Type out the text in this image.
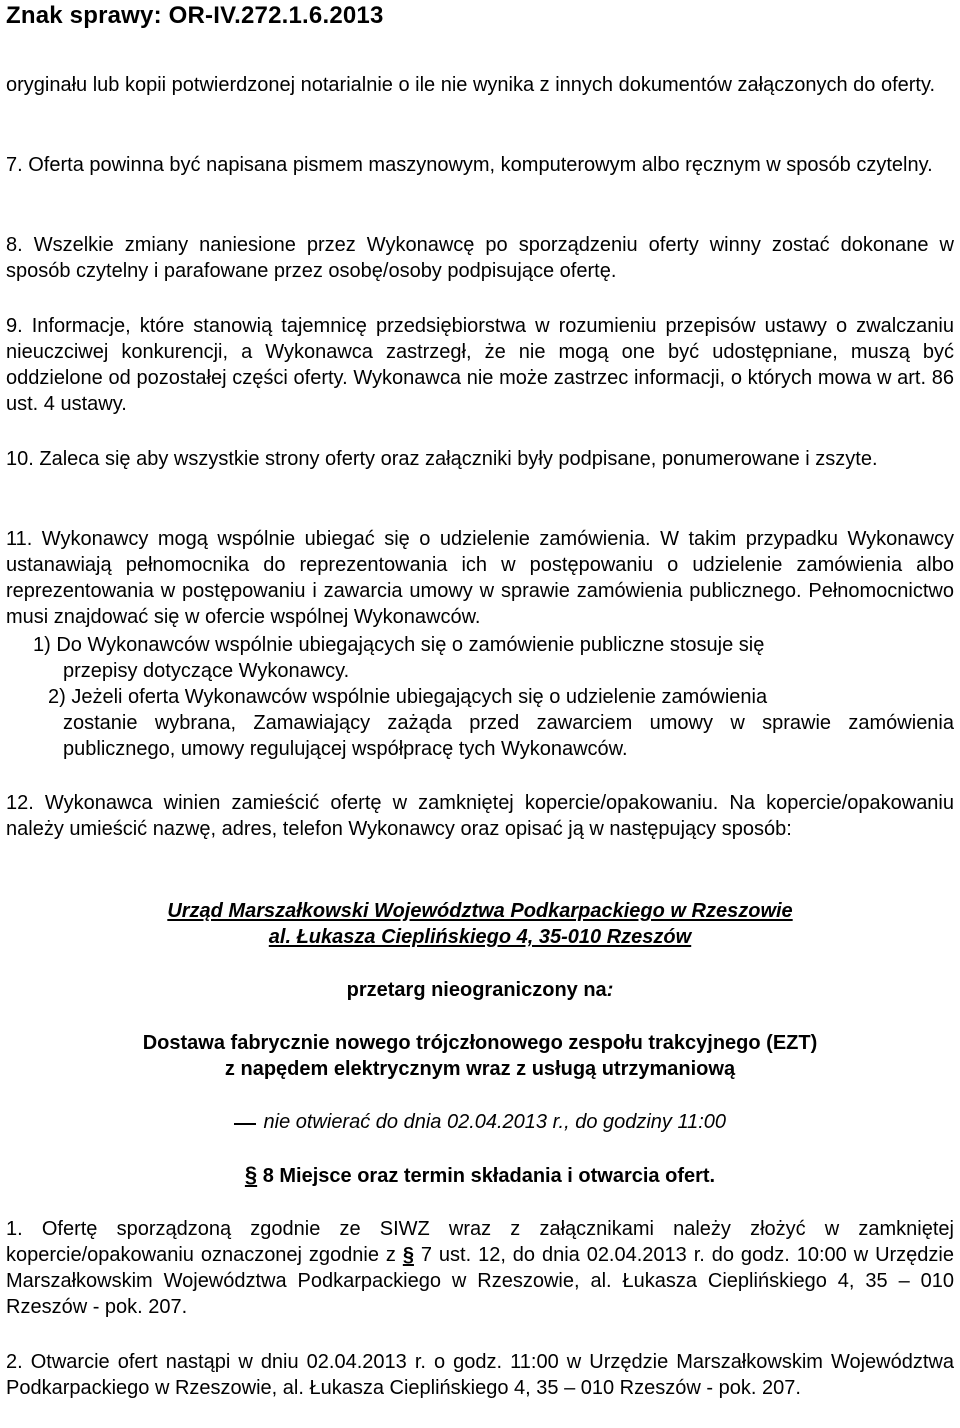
Znak sprawy: OR-IV.272.1.6.2013
oryginału lub kopii potwierdzonej notarialnie o ile nie wynika z innych dokumentów załączonych do oferty.
7. Oferta powinna być napisana pismem maszynowym, komputerowym albo ręcznym w sposób czytelny.
8. Wszelkie zmiany naniesione przez Wykonawcę po sporządzeniu oferty winny zostać dokonane w sposób czytelny i parafowane przez osobę/osoby podpisujące ofertę.
9. Informacje, które stanowią tajemnicę przedsiębiorstwa w rozumieniu przepisów ustawy o zwalczaniu nieuczciwej konkurencji, a Wykonawca zastrzegł, że nie mogą one być udostępniane, muszą być oddzielone od pozostałej części oferty. Wykonawca nie może zastrzec informacji, o których mowa w art. 86 ust. 4 ustawy.
10. Zaleca się aby wszystkie strony oferty oraz załączniki były podpisane, ponumerowane i zszyte.
11. Wykonawcy mogą wspólnie ubiegać się o udzielenie zamówienia. W takim przypadku Wykonawcy ustanawiają pełnomocnika do reprezentowania ich w postępowaniu o udzielenie zamówienia albo reprezentowania w postępowaniu i zawarcia umowy w sprawie zamówienia publicznego. Pełnomocnictwo musi znajdować się w ofercie wspólnej Wykonawców.
1) Do Wykonawców wspólnie ubiegających się o zamówienie publiczne stosuje się
przepisy dotyczące Wykonawcy.
2) Jeżeli oferta Wykonawców wspólnie ubiegających się o udzielenie zamówienia
zostanie wybrana, Zamawiający zażąda przed zawarciem umowy w sprawie zamówienia publicznego, umowy regulującej współpracę tych Wykonawców.
12. Wykonawca winien zamieścić ofertę w zamkniętej kopercie/opakowaniu. Na kopercie/opakowaniu należy umieścić nazwę, adres, telefon Wykonawcy oraz opisać ją w następujący sposób:
Urząd Marszałkowski Województwa Podkarpackiego w Rzeszowie
al. Łukasza Cieplińskiego 4, 35-010 Rzeszów
przetarg nieograniczony na:
Dostawa fabrycznie nowego trójczłonowego zespołu trakcyjnego (EZT)
z napędem elektrycznym wraz z usługą utrzymaniową
nie otwierać do dnia 02.04.2013 r., do godziny 11:00
§ 8 Miejsce oraz termin składania i otwarcia ofert.
1. Ofertę sporządzoną zgodnie ze SIWZ wraz z załącznikami należy złożyć w zamkniętej kopercie/opakowaniu oznaczonej zgodnie z § 7 ust. 12, do dnia 02.04.2013 r. do godz. 10:00 w Urzędzie Marszałkowskim Województwa Podkarpackiego w Rzeszowie, al. Łukasza Cieplińskiego 4, 35 – 010 Rzeszów - pok. 207.
2. Otwarcie ofert nastąpi w dniu 02.04.2013 r. o godz. 11:00 w Urzędzie Marszałkowskim Województwa Podkarpackiego w Rzeszowie, al. Łukasza Cieplińskiego 4, 35 – 010 Rzeszów - pok. 207.
